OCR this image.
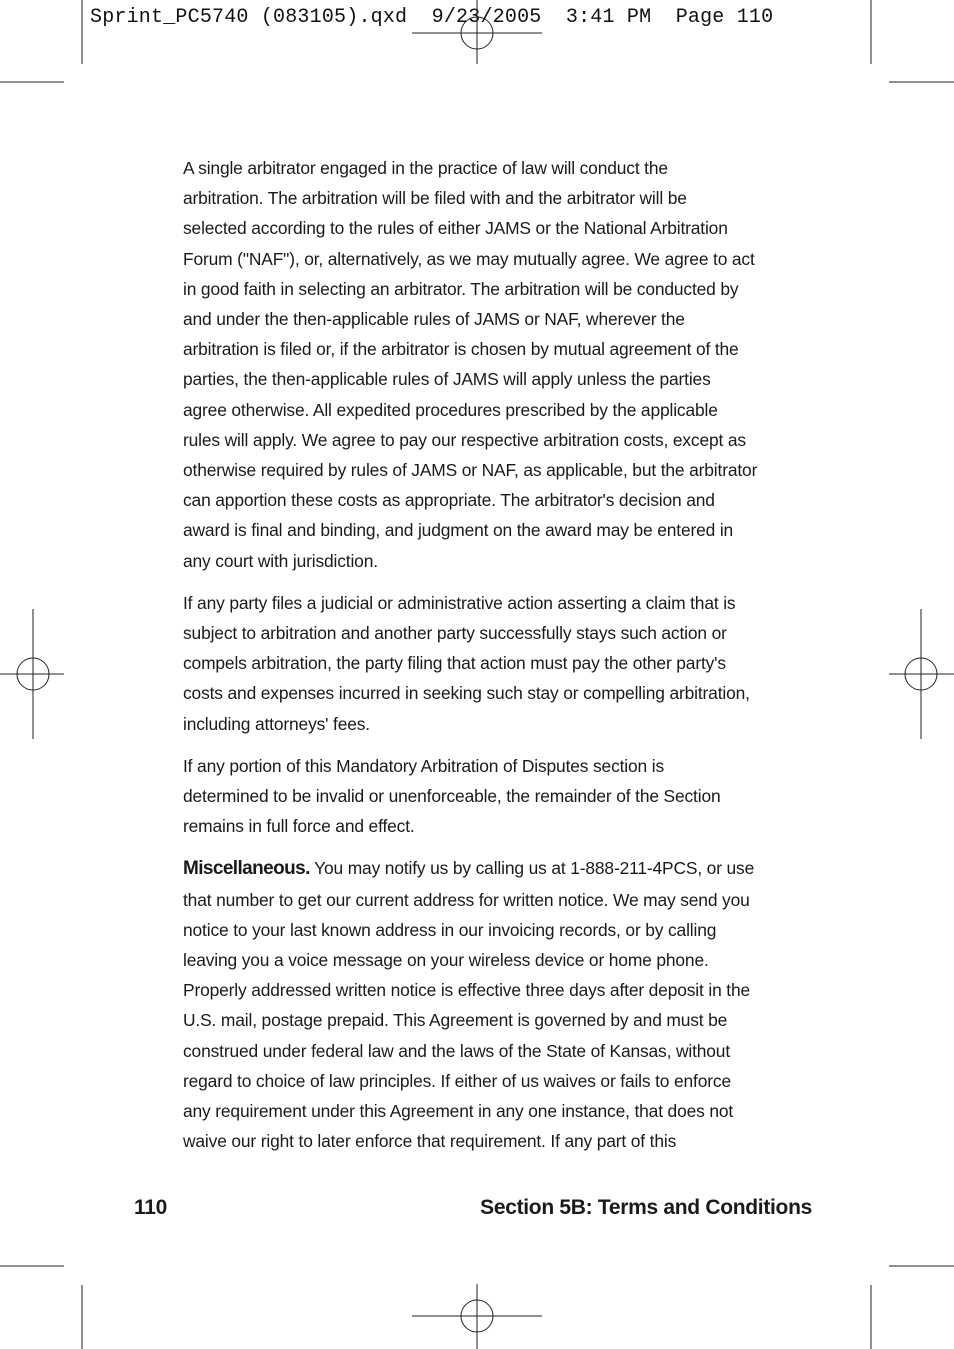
Sprint_PC5740 (083105).qxd  9/23/2005  3:41 PM  Page 110

A single arbitrator engaged in the practice of law will conduct the
arbitration. The arbitration will be filed with and the arbitrator will be
selected according to the rules of either JAMS or the National Arbitration
Forum ("NAF"), or, alternatively, as we may mutually agree. We agree to act
in good faith in selecting an arbitrator. The arbitration will be conducted by
and under the then-applicable rules of JAMS or NAF, wherever the
arbitration is filed or, if the arbitrator is chosen by mutual agreement of the
parties, the then-applicable rules of JAMS will apply unless the parties
agree otherwise. All expedited procedures prescribed by the applicable
rules will apply. We agree to pay our respective arbitration costs, except as
otherwise required by rules of JAMS or NAF, as applicable, but the arbitrator
can apportion these costs as appropriate. The arbitrator's decision and
award is final and binding, and judgment on the award may be entered in
any court with jurisdiction.

If any party files a judicial or administrative action asserting a claim that is
subject to arbitration and another party successfully stays such action or
compels arbitration, the party filing that action must pay the other party's
costs and expenses incurred in seeking such stay or compelling arbitration,
including attorneys' fees.

If any portion of this Mandatory Arbitration of Disputes section is
determined to be invalid or unenforceable, the remainder of the Section
remains in full force and effect.

Miscellaneous. You may notify us by calling us at 1-888-211-4PCS, or use
that number to get our current address for written notice. We may send you
notice to your last known address in our invoicing records, or by calling
leaving you a voice message on your wireless device or home phone.
Properly addressed written notice is effective three days after deposit in the
U.S. mail, postage prepaid. This Agreement is governed by and must be
construed under federal law and the laws of the State of Kansas, without
regard to choice of law principles. If either of us waives or fails to enforce
any requirement under this Agreement in any one instance, that does not
waive our right to later enforce that requirement. If any part of this

110	Section 5B: Terms and Conditions
